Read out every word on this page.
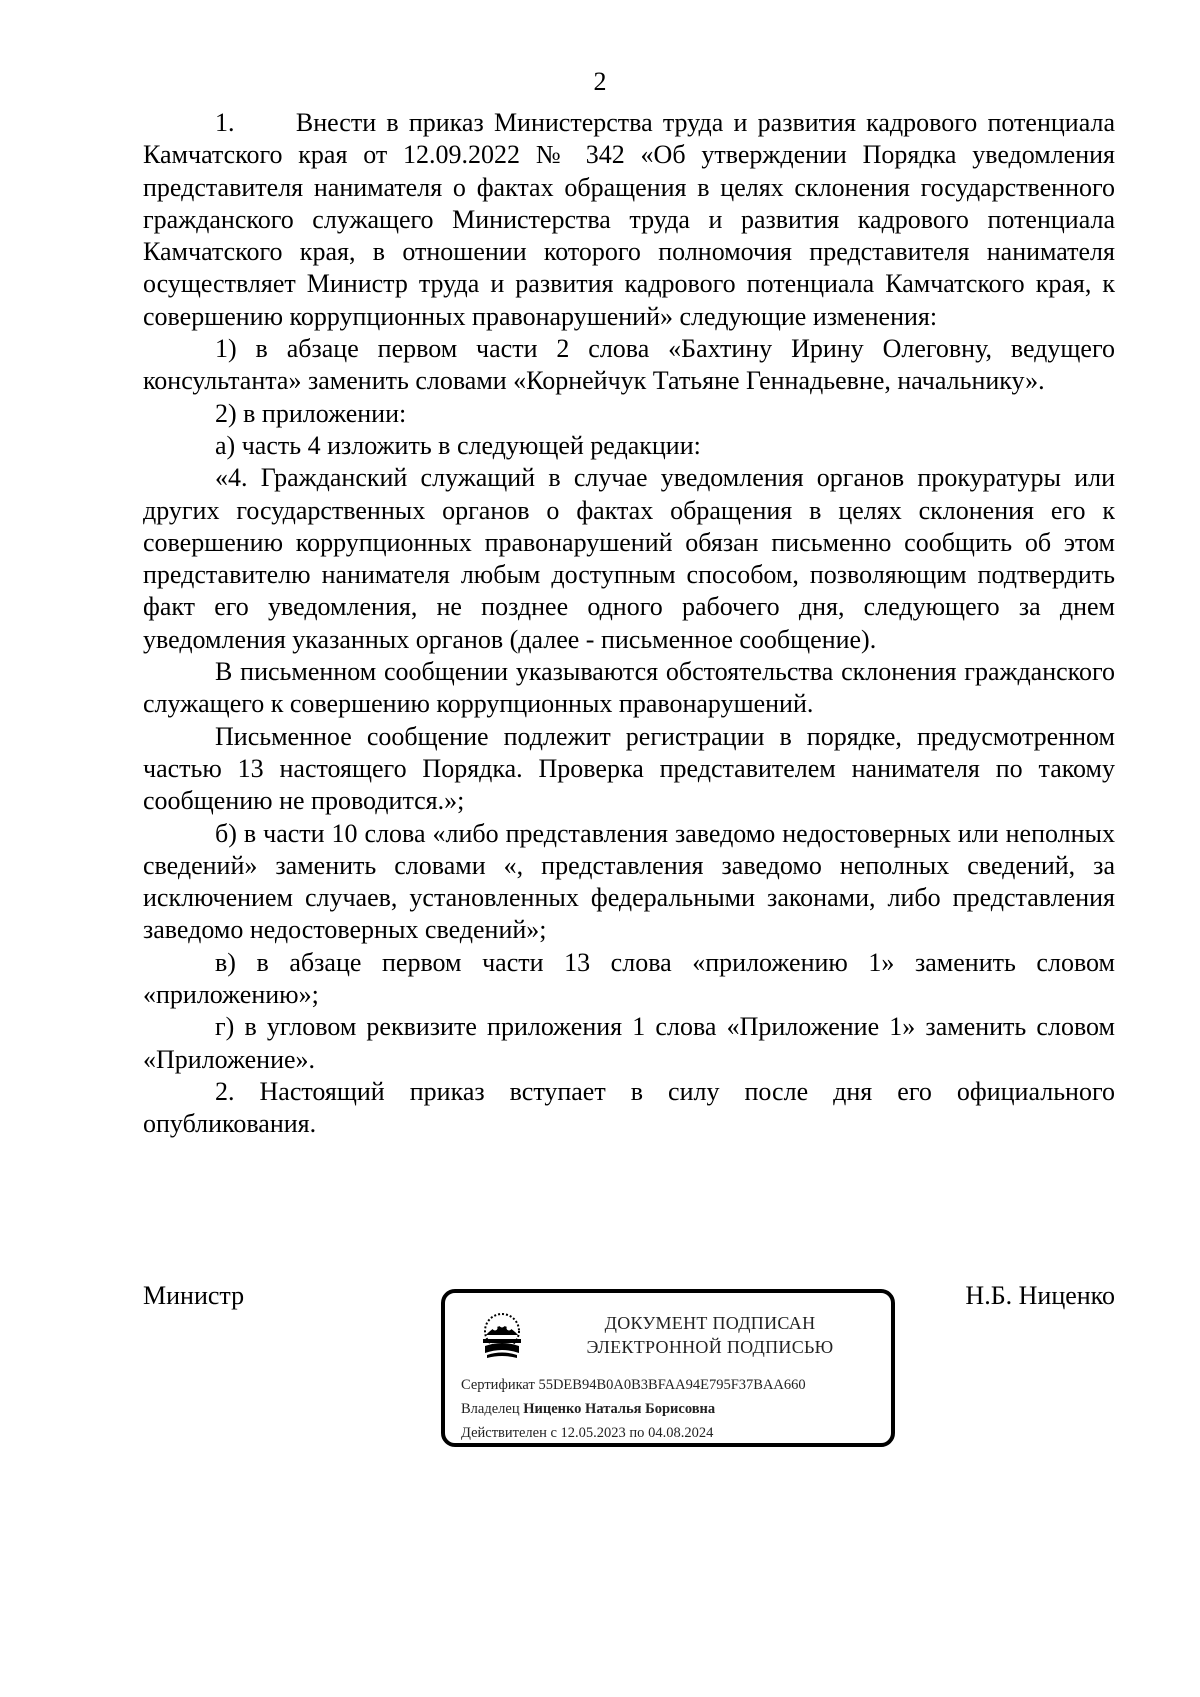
2

1.      Внести в приказ Министерства труда и развития кадрового потенциала Камчатского края от 12.09.2022 № 342 «Об утверждении Порядка уведомления представителя нанимателя о фактах обращения в целях склонения государственного гражданского служащего Министерства труда и развития кадрового потенциала Камчатского края, в отношении которого полномочия представителя нанимателя осуществляет Министр труда и развития кадрового потенциала Камчатского края, к совершению коррупционных правонарушений» следующие изменения:

1) в абзаце первом части 2 слова «Бахтину Ирину Олеговну, ведущего консультанта» заменить словами «Корнейчук Татьяне Геннадьевне, начальнику».

2) в приложении:

а) часть 4 изложить в следующей редакции:

«4. Гражданский служащий в случае уведомления органов прокуратуры или других государственных органов о фактах обращения в целях склонения его к совершению коррупционных правонарушений обязан письменно сообщить об этом представителю нанимателя любым доступным способом, позволяющим подтвердить факт его уведомления, не позднее одного рабочего дня, следующего за днем уведомления указанных органов (далее - письменное сообщение).

В письменном сообщении указываются обстоятельства склонения гражданского служащего к совершению коррупционных правонарушений.

Письменное сообщение подлежит регистрации в порядке, предусмотренном частью 13 настоящего Порядка. Проверка представителем нанимателя по такому сообщению не проводится.»;

б) в части 10 слова «либо представления заведомо недостоверных или неполных сведений» заменить словами «, представления заведомо неполных сведений, за исключением случаев, установленных федеральными законами, либо представления заведомо недостоверных сведений»;

в) в абзаце первом части 13 слова «приложению 1» заменить словом «приложению»;

г) в угловом реквизите приложения 1 слова «Приложение 1» заменить словом «Приложение».

2. Настоящий приказ вступает в силу после дня его официального опубликования.

Министр	Н.Б. Ниценко
ДОКУМЕНТ ПОДПИСАН
ЭЛЕКТРОННОЙ ПОДПИСЬЮ
Сертификат 55DEB94B0A0B3BFAA94E795F37BAA660
Владелец Ниценко Наталья Борисовна
Действителен с 12.05.2023 по 04.08.2024
